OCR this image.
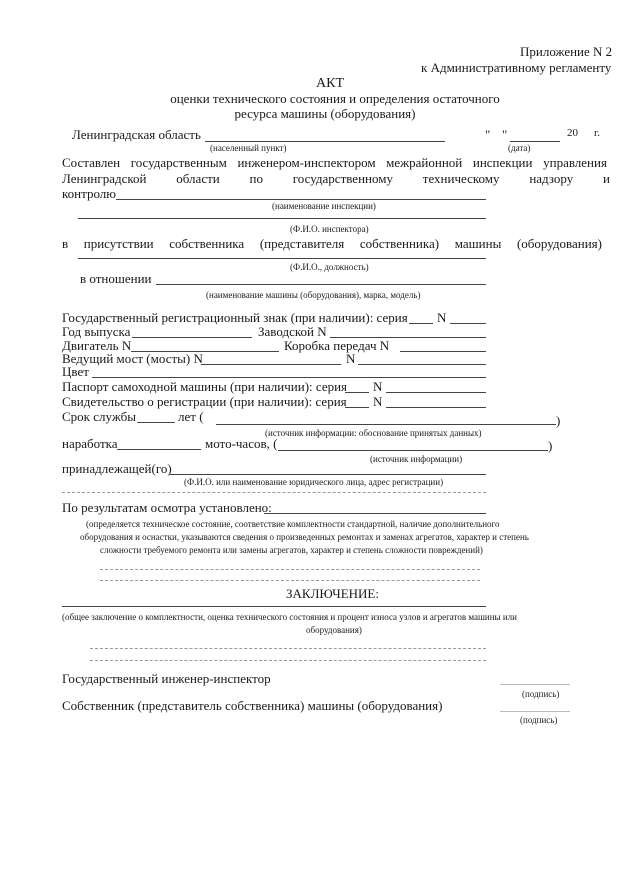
Приложение N 2
к Административному регламенту
АКТ
оценки технического состояния и определения остаточного
ресурса машины (оборудования)
Ленинградская область	" "	20 г.
(населенный пункт)	(дата)
Составлен государственным инженером-инспектором межрайонной инспекции управления
Ленинградской области по государственному техническому надзору и
контролю
(наименование инспекции)
(Ф.И.О. инспектора)
в присутствии собственника (представителя собственника) машины (оборудования)
(Ф.И.О., должность)
в отношении
(наименование машины (оборудования), марка, модель)
Государственный регистрационный знак (при наличии): серия N
Год выпуска	Заводской N
Двигатель N	Коробка передач N
Ведущий мост (мосты) N	N
Цвет
Паспорт самоходной машины (при наличии): серия N
Свидетельство о регистрации (при наличии): серия N
Срок службы	лет (	)
(источник информации: обоснование принятых данных)
наработка	мото-часов, (	)
(источник информации)
принадлежащей(го)
(Ф.И.О. или наименование юридического лица, адрес регистрации)
По результатам осмотра установлено:
(определяется техническое состояние, соответствие комплектности стандартной, наличие дополнительного
оборудования и оснастки, указываются сведения о произведенных ремонтах и заменах агрегатов, характер и степень
сложности требуемого ремонта или замены агрегатов, характер и степень сложности повреждений)
ЗАКЛЮЧЕНИЕ:
(общее заключение о комплектности, оценка технического состояния и процент износа узлов и агрегатов машины или
оборудования)
Государственный инженер-инспектор
(подпись)
Собственник (представитель собственника) машины (оборудования)
(подпись)
